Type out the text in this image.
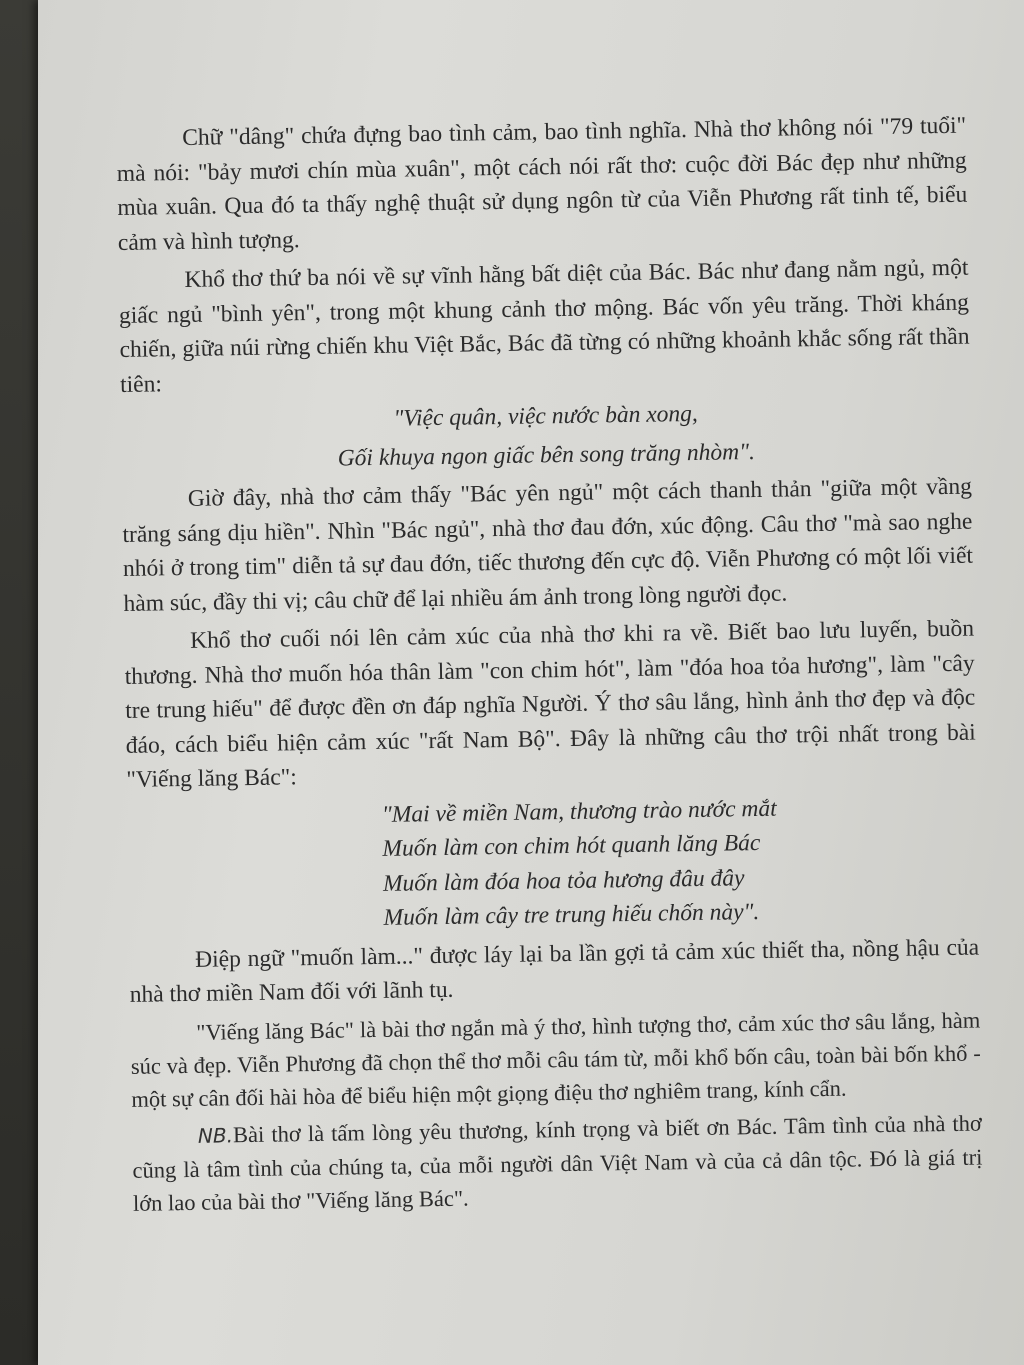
Chữ "dâng" chứa đựng bao tình cảm, bao tình nghĩa. Nhà thơ không nói "79 tuổi" mà nói: "bảy mươi chín mùa xuân", một cách nói rất thơ: cuộc đời Bác đẹp như những mùa xuân. Qua đó ta thấy nghệ thuật sử dụng ngôn từ của Viễn Phương rất tinh tế, biểu cảm và hình tượng.

Khổ thơ thứ ba nói về sự vĩnh hằng bất diệt của Bác. Bác như đang nằm ngủ, một giấc ngủ "bình yên", trong một khung cảnh thơ mộng. Bác vốn yêu trăng. Thời kháng chiến, giữa núi rừng chiến khu Việt Bắc, Bác đã từng có những khoảnh khắc sống rất thần tiên:

"Việc quân, việc nước bàn xong,

Gối khuya ngon giấc bên song trăng nhòm".

Giờ đây, nhà thơ cảm thấy "Bác yên ngủ" một cách thanh thản "giữa một vầng trăng sáng dịu hiền". Nhìn "Bác ngủ", nhà thơ đau đớn, xúc động. Câu thơ "mà sao nghe nhói ở trong tim" diễn tả sự đau đớn, tiếc thương đến cực độ. Viễn Phương có một lối viết hàm súc, đầy thi vị; câu chữ để lại nhiều ám ảnh trong lòng người đọc.

Khổ thơ cuối nói lên cảm xúc của nhà thơ khi ra về. Biết bao lưu luyến, buồn thương. Nhà thơ muốn hóa thân làm "con chim hót", làm "đóa hoa tỏa hương", làm "cây tre trung hiếu" để được đền ơn đáp nghĩa Người. Ý thơ sâu lắng, hình ảnh thơ đẹp và độc đáo, cách biểu hiện cảm xúc "rất Nam Bộ". Đây là những câu thơ trội nhất trong bài "Viếng lăng Bác":

"Mai về miền Nam, thương trào nước mắt

Muốn làm con chim hót quanh lăng Bác

Muốn làm đóa hoa tỏa hương đâu đây

Muốn làm cây tre trung hiếu chốn này".

Điệp ngữ "muốn làm..." được láy lại ba lần gợi tả cảm xúc thiết tha, nồng hậu của nhà thơ miền Nam đối với lãnh tụ.

"Viếng lăng Bác" là bài thơ ngắn mà ý thơ, hình tượng thơ, cảm xúc thơ sâu lắng, hàm súc và đẹp. Viễn Phương đã chọn thể thơ mỗi câu tám từ, mỗi khổ bốn câu, toàn bài bốn khổ - một sự cân đối hài hòa để biểu hiện một giọng điệu thơ nghiêm trang, kính cẩn.

NB.Bài thơ là tấm lòng yêu thương, kính trọng và biết ơn Bác. Tâm tình của nhà thơ cũng là tâm tình của chúng ta, của mỗi người dân Việt Nam và của cả dân tộc. Đó là giá trị lớn lao của bài thơ "Viếng lăng Bác".
